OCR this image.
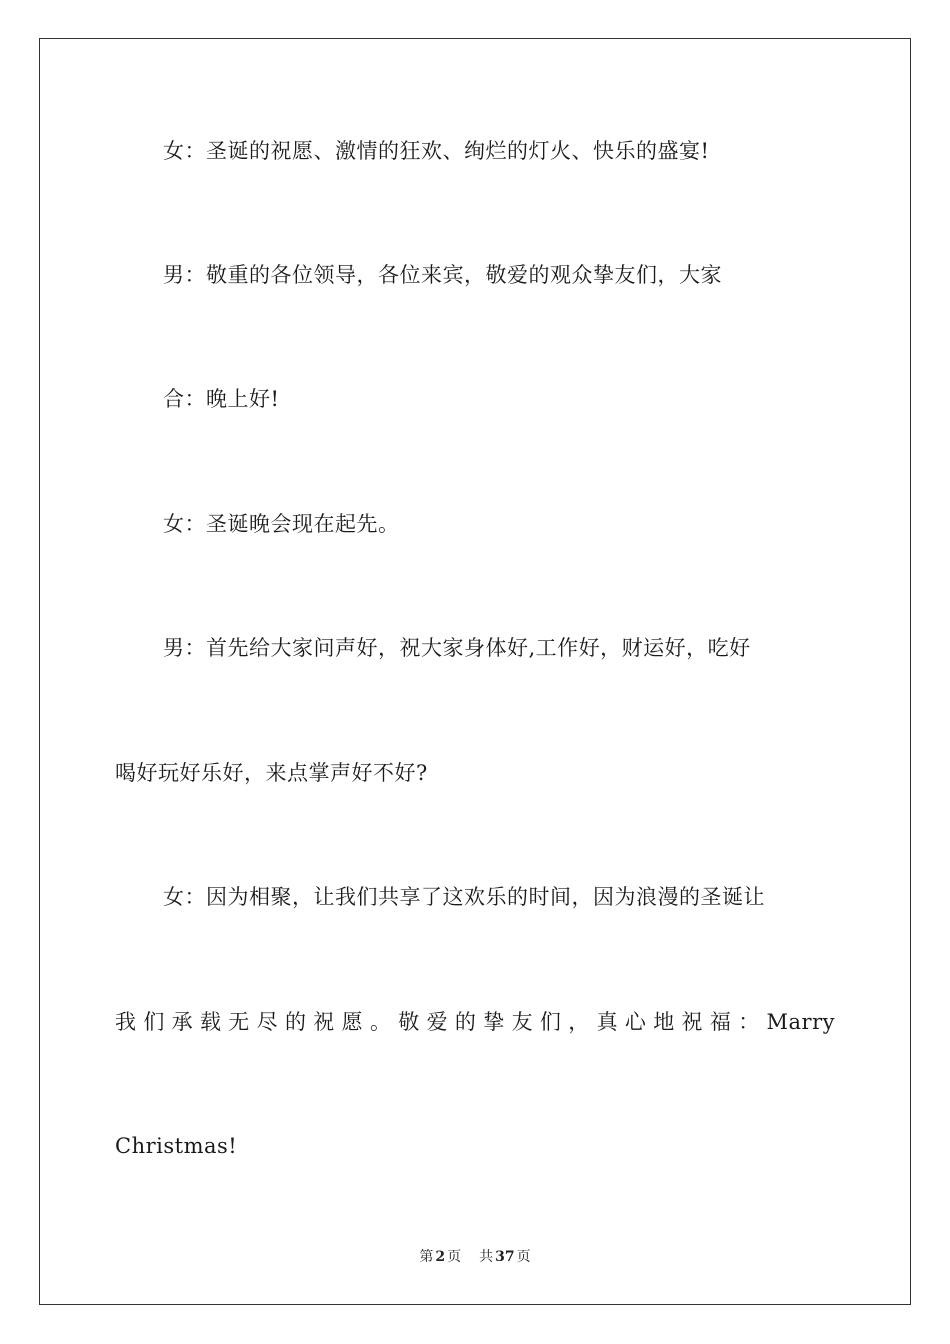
女：圣诞的祝愿、激情的狂欢、绚烂的灯火、快乐的盛宴!

男：敬重的各位领导，各位来宾，敬爱的观众挚友们，大家

合：晚上好!

女：圣诞晚会现在起先。

男：首先给大家问声好，祝大家身体好,工作好，财运好，吃好

喝好玩好乐好，来点掌声好不好?

女：因为相聚，让我们共享了这欢乐的时间，因为浪漫的圣诞让

我们承载无尽的祝愿。敬爱的挚友们，真心地祝福：Marry

Christmas!

第 2 页 共 37 页
